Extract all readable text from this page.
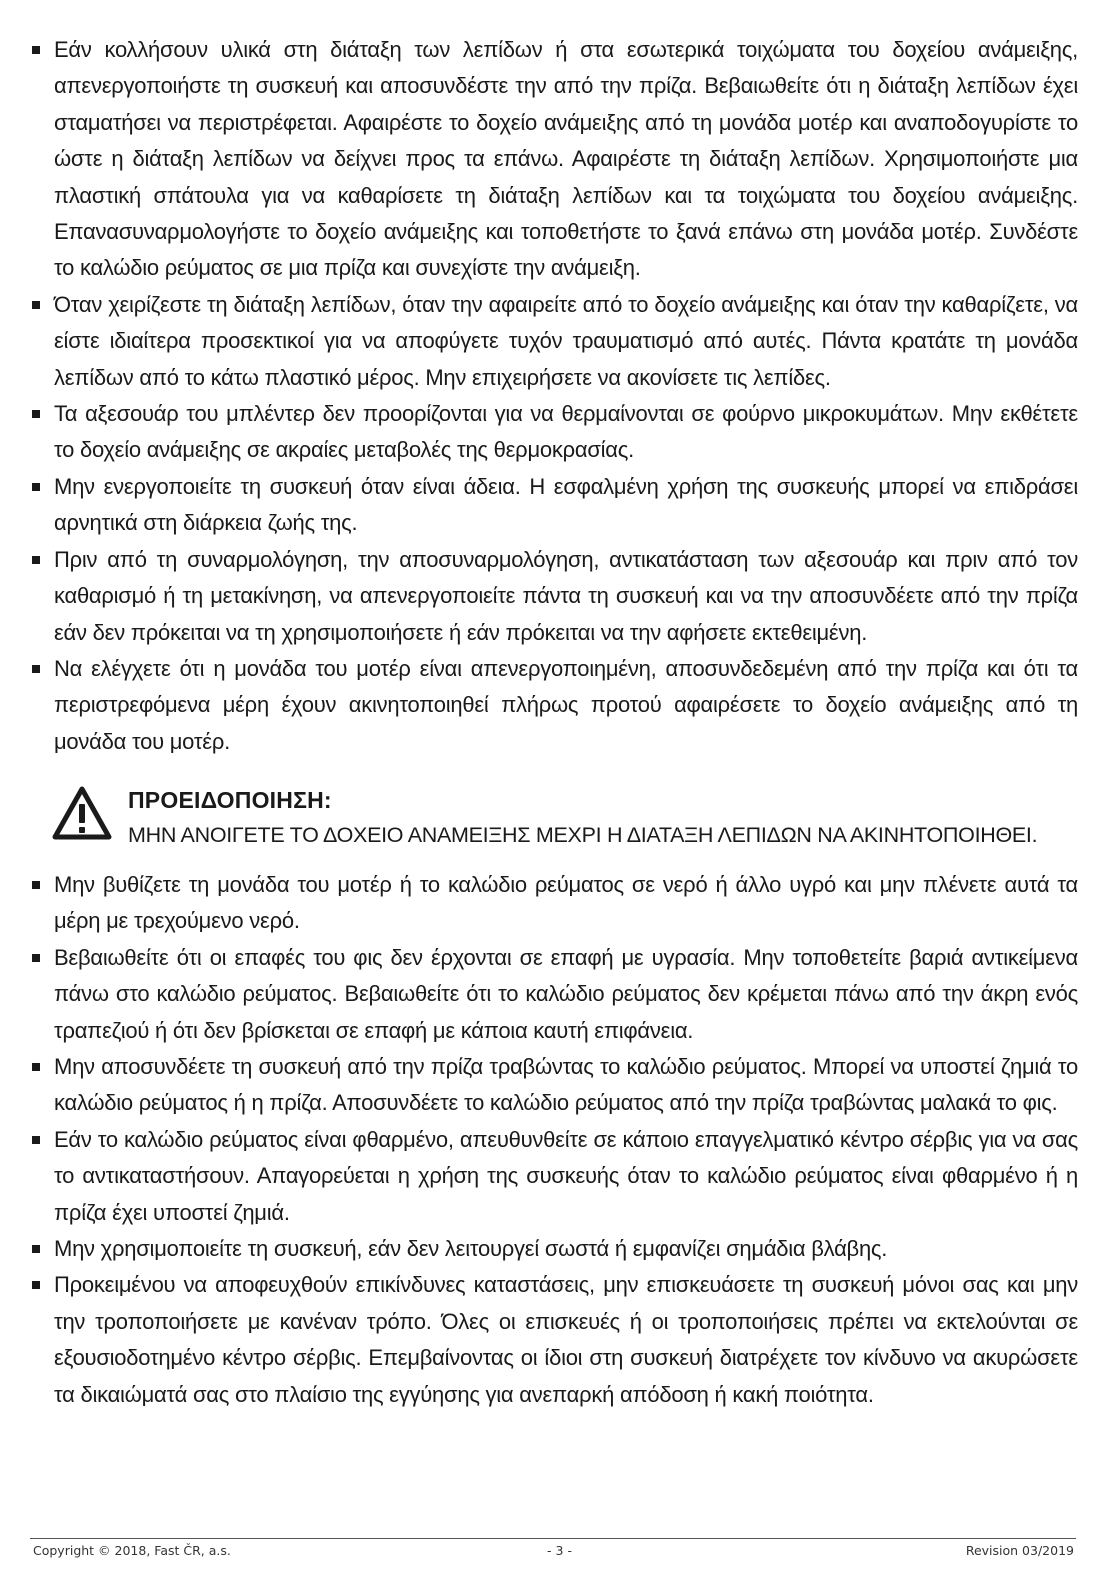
Εάν κολλήσουν υλικά στη διάταξη των λεπίδων ή στα εσωτερικά τοιχώματα του δοχείου ανάμειξης, απενεργοποιήστε τη συσκευή και αποσυνδέστε την από την πρίζα. Βεβαιωθείτε ότι η διάταξη λεπίδων έχει σταματήσει να περιστρέφεται. Αφαιρέστε το δοχείο ανάμειξης από τη μονάδα μοτέρ και αναποδογυρίστε το ώστε η διάταξη λεπίδων να δείχνει προς τα επάνω. Αφαιρέστε τη διάταξη λεπίδων. Χρησιμοποιήστε μια πλαστική σπάτουλα για να καθαρίσετε τη διάταξη λεπίδων και τα τοιχώματα του δοχείου ανάμειξης. Επανασυναρμολογήστε το δοχείο ανάμειξης και τοποθετήστε το ξανά επάνω στη μονάδα μοτέρ. Συνδέστε το καλώδιο ρεύματος σε μια πρίζα και συνεχίστε την ανάμειξη.
Όταν χειρίζεστε τη διάταξη λεπίδων, όταν την αφαιρείτε από το δοχείο ανάμειξης και όταν την καθαρίζετε, να είστε ιδιαίτερα προσεκτικοί για να αποφύγετε τυχόν τραυματισμό από αυτές. Πάντα κρατάτε τη μονάδα λεπίδων από το κάτω πλαστικό μέρος. Μην επιχειρήσετε να ακονίσετε τις λεπίδες.
Τα αξεσουάρ του μπλέντερ δεν προορίζονται για να θερμαίνονται σε φούρνο μικροκυμάτων. Μην εκθέτετε το δοχείο ανάμειξης σε ακραίες μεταβολές της θερμοκρασίας.
Μην ενεργοποιείτε τη συσκευή όταν είναι άδεια. Η εσφαλμένη χρήση της συσκευής μπορεί να επιδράσει αρνητικά στη διάρκεια ζωής της.
Πριν από τη συναρμολόγηση, την αποσυναρμολόγηση, αντικατάσταση των αξεσουάρ και πριν από τον καθαρισμό ή τη μετακίνηση, να απενεργοποιείτε πάντα τη συσκευή και να την αποσυνδέετε από την πρίζα εάν δεν πρόκειται να τη χρησιμοποιήσετε ή εάν πρόκειται να την αφήσετε εκτεθειμένη.
Να ελέγχετε ότι η μονάδα του μοτέρ είναι απενεργοποιημένη, αποσυνδεδεμένη από την πρίζα και ότι τα περιστρεφόμενα μέρη έχουν ακινητοποιηθεί πλήρως προτού αφαιρέσετε το δοχείο ανάμειξης από τη μονάδα του μοτέρ.
ΠΡΟΕΙΔΟΠΟΙΗΣΗ:
ΜΗΝ ΑΝΟΙΓΕΤΕ ΤΟ ΔΟΧΕΙΟ ΑΝΑΜΕΙΞΗΣ ΜΕΧΡΙ Η ΔΙΑΤΑΞΗ ΛΕΠΙΔΩΝ ΝΑ ΑΚΙΝΗΤΟΠΟΙΗΘΕΙ.
Μην βυθίζετε τη μονάδα του μοτέρ ή το καλώδιο ρεύματος σε νερό ή άλλο υγρό και μην πλένετε αυτά τα μέρη με τρεχούμενο νερό.
Βεβαιωθείτε ότι οι επαφές του φις δεν έρχονται σε επαφή με υγρασία. Μην τοποθετείτε βαριά αντικείμενα πάνω στο καλώδιο ρεύματος. Βεβαιωθείτε ότι το καλώδιο ρεύματος δεν κρέμεται πάνω από την άκρη ενός τραπεζιού ή ότι δεν βρίσκεται σε επαφή με κάποια καυτή επιφάνεια.
Μην αποσυνδέετε τη συσκευή από την πρίζα τραβώντας το καλώδιο ρεύματος. Μπορεί να υποστεί ζημιά το καλώδιο ρεύματος ή η πρίζα. Αποσυνδέετε το καλώδιο ρεύματος από την πρίζα τραβώντας μαλακά το φις.
Εάν το καλώδιο ρεύματος είναι φθαρμένο, απευθυνθείτε σε κάποιο επαγγελματικό κέντρο σέρβις για να σας το αντικαταστήσουν. Απαγορεύεται η χρήση της συσκευής όταν το καλώδιο ρεύματος είναι φθαρμένο ή η πρίζα έχει υποστεί ζημιά.
Μην χρησιμοποιείτε τη συσκευή, εάν δεν λειτουργεί σωστά ή εμφανίζει σημάδια βλάβης.
Προκειμένου να αποφευχθούν επικίνδυνες καταστάσεις, μην επισκευάσετε τη συσκευή μόνοι σας και μην την τροποποιήσετε με κανέναν τρόπο. Όλες οι επισκευές ή οι τροποποιήσεις πρέπει να εκτελούνται σε εξουσιοδοτημένο κέντρο σέρβις. Επεμβαίνοντας οι ίδιοι στη συσκευή διατρέχετε τον κίνδυνο να ακυρώσετε τα δικαιώματά σας στο πλαίσιο της εγγύησης για ανεπαρκή απόδοση ή κακή ποιότητα.
Copyright © 2018, Fast ČR, a.s.	- 3 -	Revision 03/2019
